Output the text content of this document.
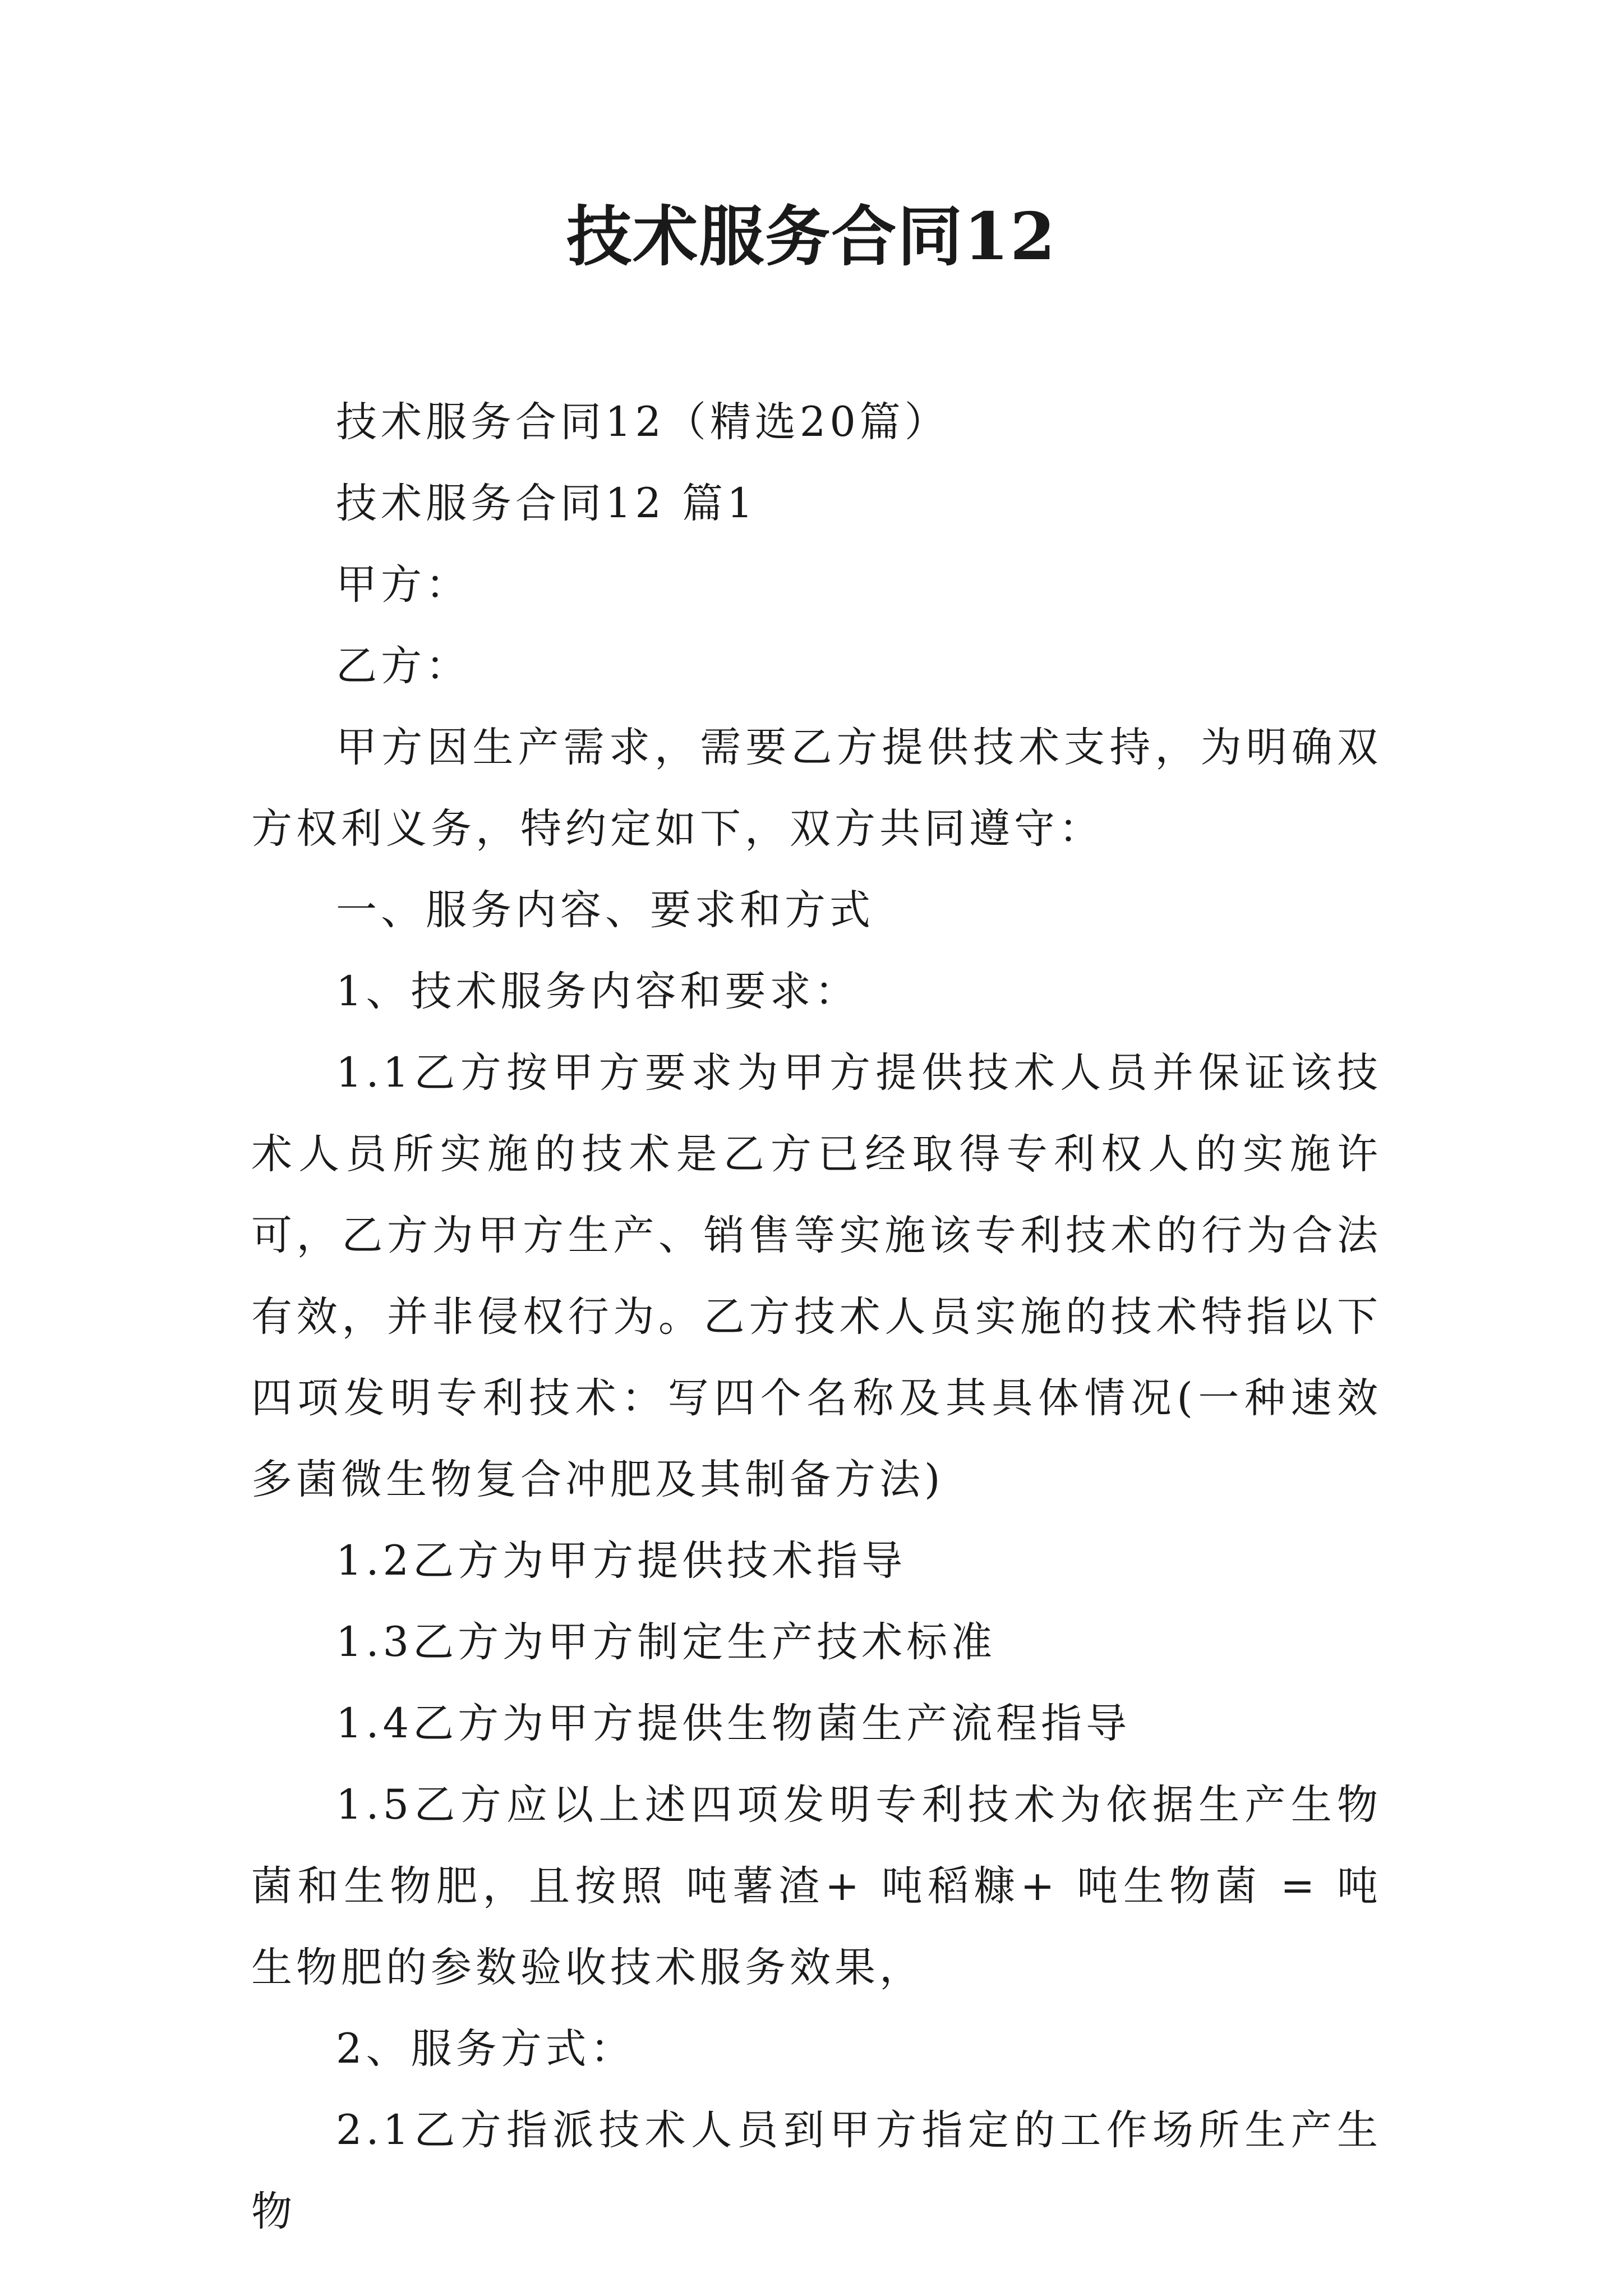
技术服务合同12

技术服务合同12（精选20篇）

技术服务合同12 篇1

甲方：

乙方：

甲方因生产需求，需要乙方提供技术支持，为明确双方权利义务，特约定如下，双方共同遵守：

一、服务内容、要求和方式

1、技术服务内容和要求：

1.1乙方按甲方要求为甲方提供技术人员并保证该技术人员所实施的技术是乙方已经取得专利权人的实施许可，乙方为甲方生产、销售等实施该专利技术的行为合法有效，并非侵权行为。乙方技术人员实施的技术特指以下四项发明专利技术：写四个名称及其具体情况(一种速效多菌微生物复合冲肥及其制备方法)

1.2乙方为甲方提供技术指导

1.3乙方为甲方制定生产技术标准

1.4乙方为甲方提供生物菌生产流程指导

1.5乙方应以上述四项发明专利技术为依据生产生物菌和生物肥，且按照 吨薯渣+ 吨稻糠+ 吨生物菌 = 吨生物肥的参数验收技术服务效果，

2、服务方式：

2.1乙方指派技术人员到甲方指定的工作场所生产生物
